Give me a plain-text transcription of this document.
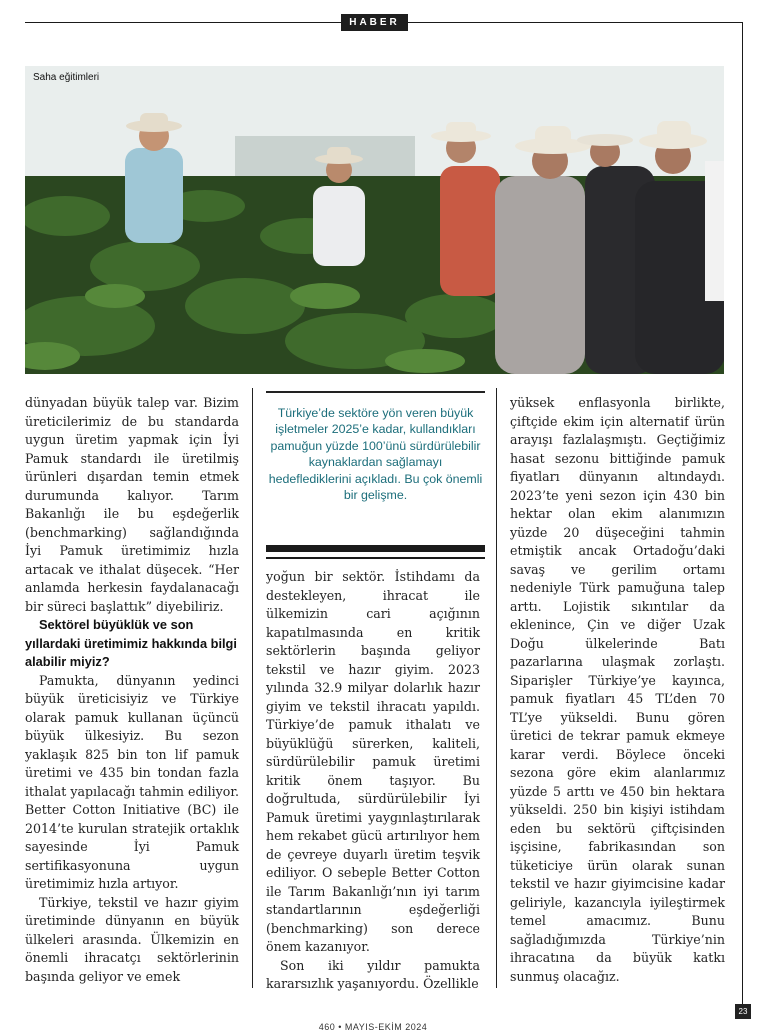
HABER
Saha eğitimleri

dünyadan büyük talep var. Bizim üreticilerimiz de bu standarda uygun üretim yapmak için İyi Pamuk standardı ile üretilmiş ürünleri dışardan temin etmek durumunda kalıyor. Tarım Bakanlığı ile bu eşdeğerlik (benchmarking) sağlandığında İyi Pamuk üretimimiz hızla artacak ve ithalat düşecek. “Her anlamda herkesin faydalanacağı bir süreci başlattık” diyebiliriz.

Sektörel büyüklük ve son yıllardaki üretimimiz hakkında bilgi alabilir miyiz?

Pamukta, dünyanın yedinci büyük üreticisiyiz ve Türkiye olarak pamuk kullanan üçüncü büyük ülkesiyiz. Bu sezon yaklaşık 825 bin ton lif pamuk üretimi ve 435 bin tondan fazla ithalat yapılacağı tahmin ediliyor. Better Cotton Initiative (BC) ile 2014’te kurulan stratejik ortaklık sayesinde İyi Pamuk sertifikasyonuna uygun üretimimiz hızla artıyor.

Türkiye, tekstil ve hazır giyim üretiminde dünyanın en büyük ülkeleri arasında. Ülkemizin en önemli ihracatçı sektörlerinin başında geliyor ve emek

Türkiye’de sektöre yön veren büyük işletmeler 2025’e kadar, kullandıkları pamuğun yüzde 100’ünü sürdürülebilir kaynaklardan sağlamayı hedeflediklerini açıkladı. Bu çok önemli bir gelişme.

yoğun bir sektör. İstihdamı da destekleyen, ihracat ile ülkemizin cari açığının kapatılmasında en kritik sektörlerin başında geliyor tekstil ve hazır giyim. 2023 yılında 32.9 milyar dolarlık hazır giyim ve tekstil ihracatı yapıldı. Türkiye’de pamuk ithalatı ve büyüklüğü sürerken, kaliteli, sürdürülebilir pamuk üretimi kritik önem taşıyor. Bu doğrultuda, sürdürülebilir İyi Pamuk üretimi yaygınlaştırılarak hem rekabet gücü artırılıyor hem de çevreye duyarlı üretim teşvik ediliyor. O sebeple Better Cotton ile Tarım Bakanlığı’nın iyi tarım standartlarının eşdeğerliği (benchmarking) son derece önem kazanıyor.

Son iki yıldır pamukta kararsızlık yaşanıyordu. Özellikle

yüksek enflasyonla birlikte, çiftçide ekim için alternatif ürün arayışı fazlalaşmıştı. Geçtiğimiz hasat sezonu bittiğinde pamuk fiyatları dünyanın altındaydı. 2023’te yeni sezon için 430 bin hektar olan ekim alanımızın yüzde 20 düşeceğini tahmin etmiştik ancak Ortadoğu’daki savaş ve gerilim ortamı nedeniyle Türk pamuğuna talep arttı. Lojistik sıkıntılar da eklenince, Çin ve diğer Uzak Doğu ülkelerinde Batı pazarlarına ulaşmak zorlaştı. Siparişler Türkiye’ye kayınca, pamuk fiyatları 45 TL’den 70 TL’ye yükseldi. Bunu gören üretici de tekrar pamuk ekmeye karar verdi. Böylece önceki sezona göre ekim alanlarımız yüzde 5 arttı ve 450 bin hektara yükseldi. 250 bin kişiyi istihdam eden bu sektörü çiftçisinden işçisine, fabrikasından son tüketiciye ürün olarak sunan tekstil ve hazır giyimcisine kadar geliriyle, kazancıyla iyileştirmek temel amacımız. Bunu sağladığımızda Türkiye’nin ihracatına da büyük katkı sunmuş olacağız.

460 • MAYIS-EKİM 2024
23
